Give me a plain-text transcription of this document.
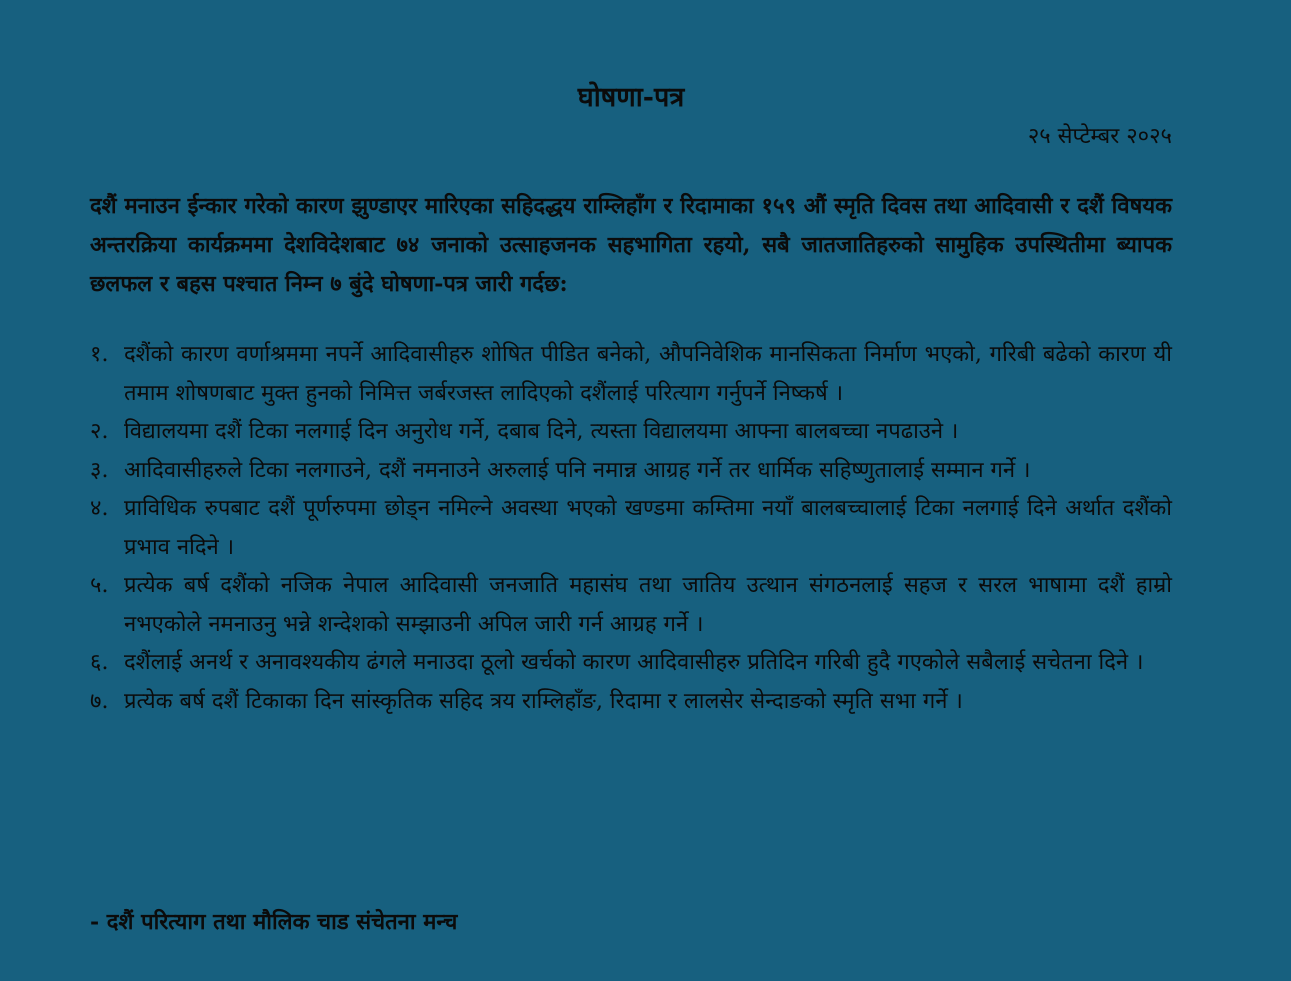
घोषणा-पत्र
२५ सेप्टेम्बर २०२५

दशैं मनाउन ईन्कार गरेको कारण झुण्डाएर मारिएका सहिदद्धय राम्लिहाँग र रिदामाका १५९ औं स्मृति दिवस तथा आदिवासी र दशैं विषयक अन्तरक्रिया कार्यक्रममा देशविदेशबाट ७४ जनाको उत्साहजनक सहभागिता रहयो, सबै जातजातिहरुको सामुहिक उपस्थितीमा ब्यापक छलफल र बहस पश्चात निम्न ७ बुंदे घोषणा-पत्र जारी गर्दछ:

१. दशैंको कारण वर्णाश्रममा नपर्ने आदिवासीहरु शोषित पीडित बनेको, औपनिवेशिक मानसिकता निर्माण भएको, गरिबी बढेको कारण यी तमाम शोषणबाट मुक्त हुनको निमित्त जर्बरजस्त लादिएको दशैंलाई परित्याग गर्नुपर्ने निष्कर्ष ।
२. विद्यालयमा दशैं टिका नलगाई दिन अनुरोध गर्ने, दबाब दिने, त्यस्ता विद्यालयमा आफ्ना बालबच्चा नपढाउने ।
३. आदिवासीहरुले टिका नलगाउने, दशैं नमनाउने अरुलाई पनि नमान्न आग्रह गर्ने तर धार्मिक सहिष्णुतालाई सम्मान गर्ने ।
४. प्राविधिक रुपबाट दशैं पूर्णरुपमा छोड्न नमिल्ने अवस्था भएको खण्डमा कम्तिमा नयाँ बालबच्चालाई टिका नलगाई दिने अर्थात दशैंको प्रभाव नदिने ।
५. प्रत्येक बर्ष दशैंको नजिक नेपाल आदिवासी जनजाति महासंघ तथा जातिय उत्थान संगठनलाई सहज र सरल भाषामा दशैं हाम्रो नभएकोले नमनाउनु भन्ने शन्देशको सम्झाउनी अपिल जारी गर्न आग्रह गर्ने ।
६. दशैंलाई अनर्थ र अनावश्यकीय ढंगले मनाउदा ठूलो खर्चको कारण आदिवासीहरु प्रतिदिन गरिबी हुदै गएकोले सबैलाई सचेतना दिने ।
७. प्रत्येक बर्ष दशैं टिकाका दिन सांस्कृतिक सहिद त्रय राम्लिहाँङ, रिदामा र लालसेर सेन्दाङको स्मृति सभा गर्ने ।
- दशैं परित्याग तथा मौलिक चाड संचेतना मन्च
